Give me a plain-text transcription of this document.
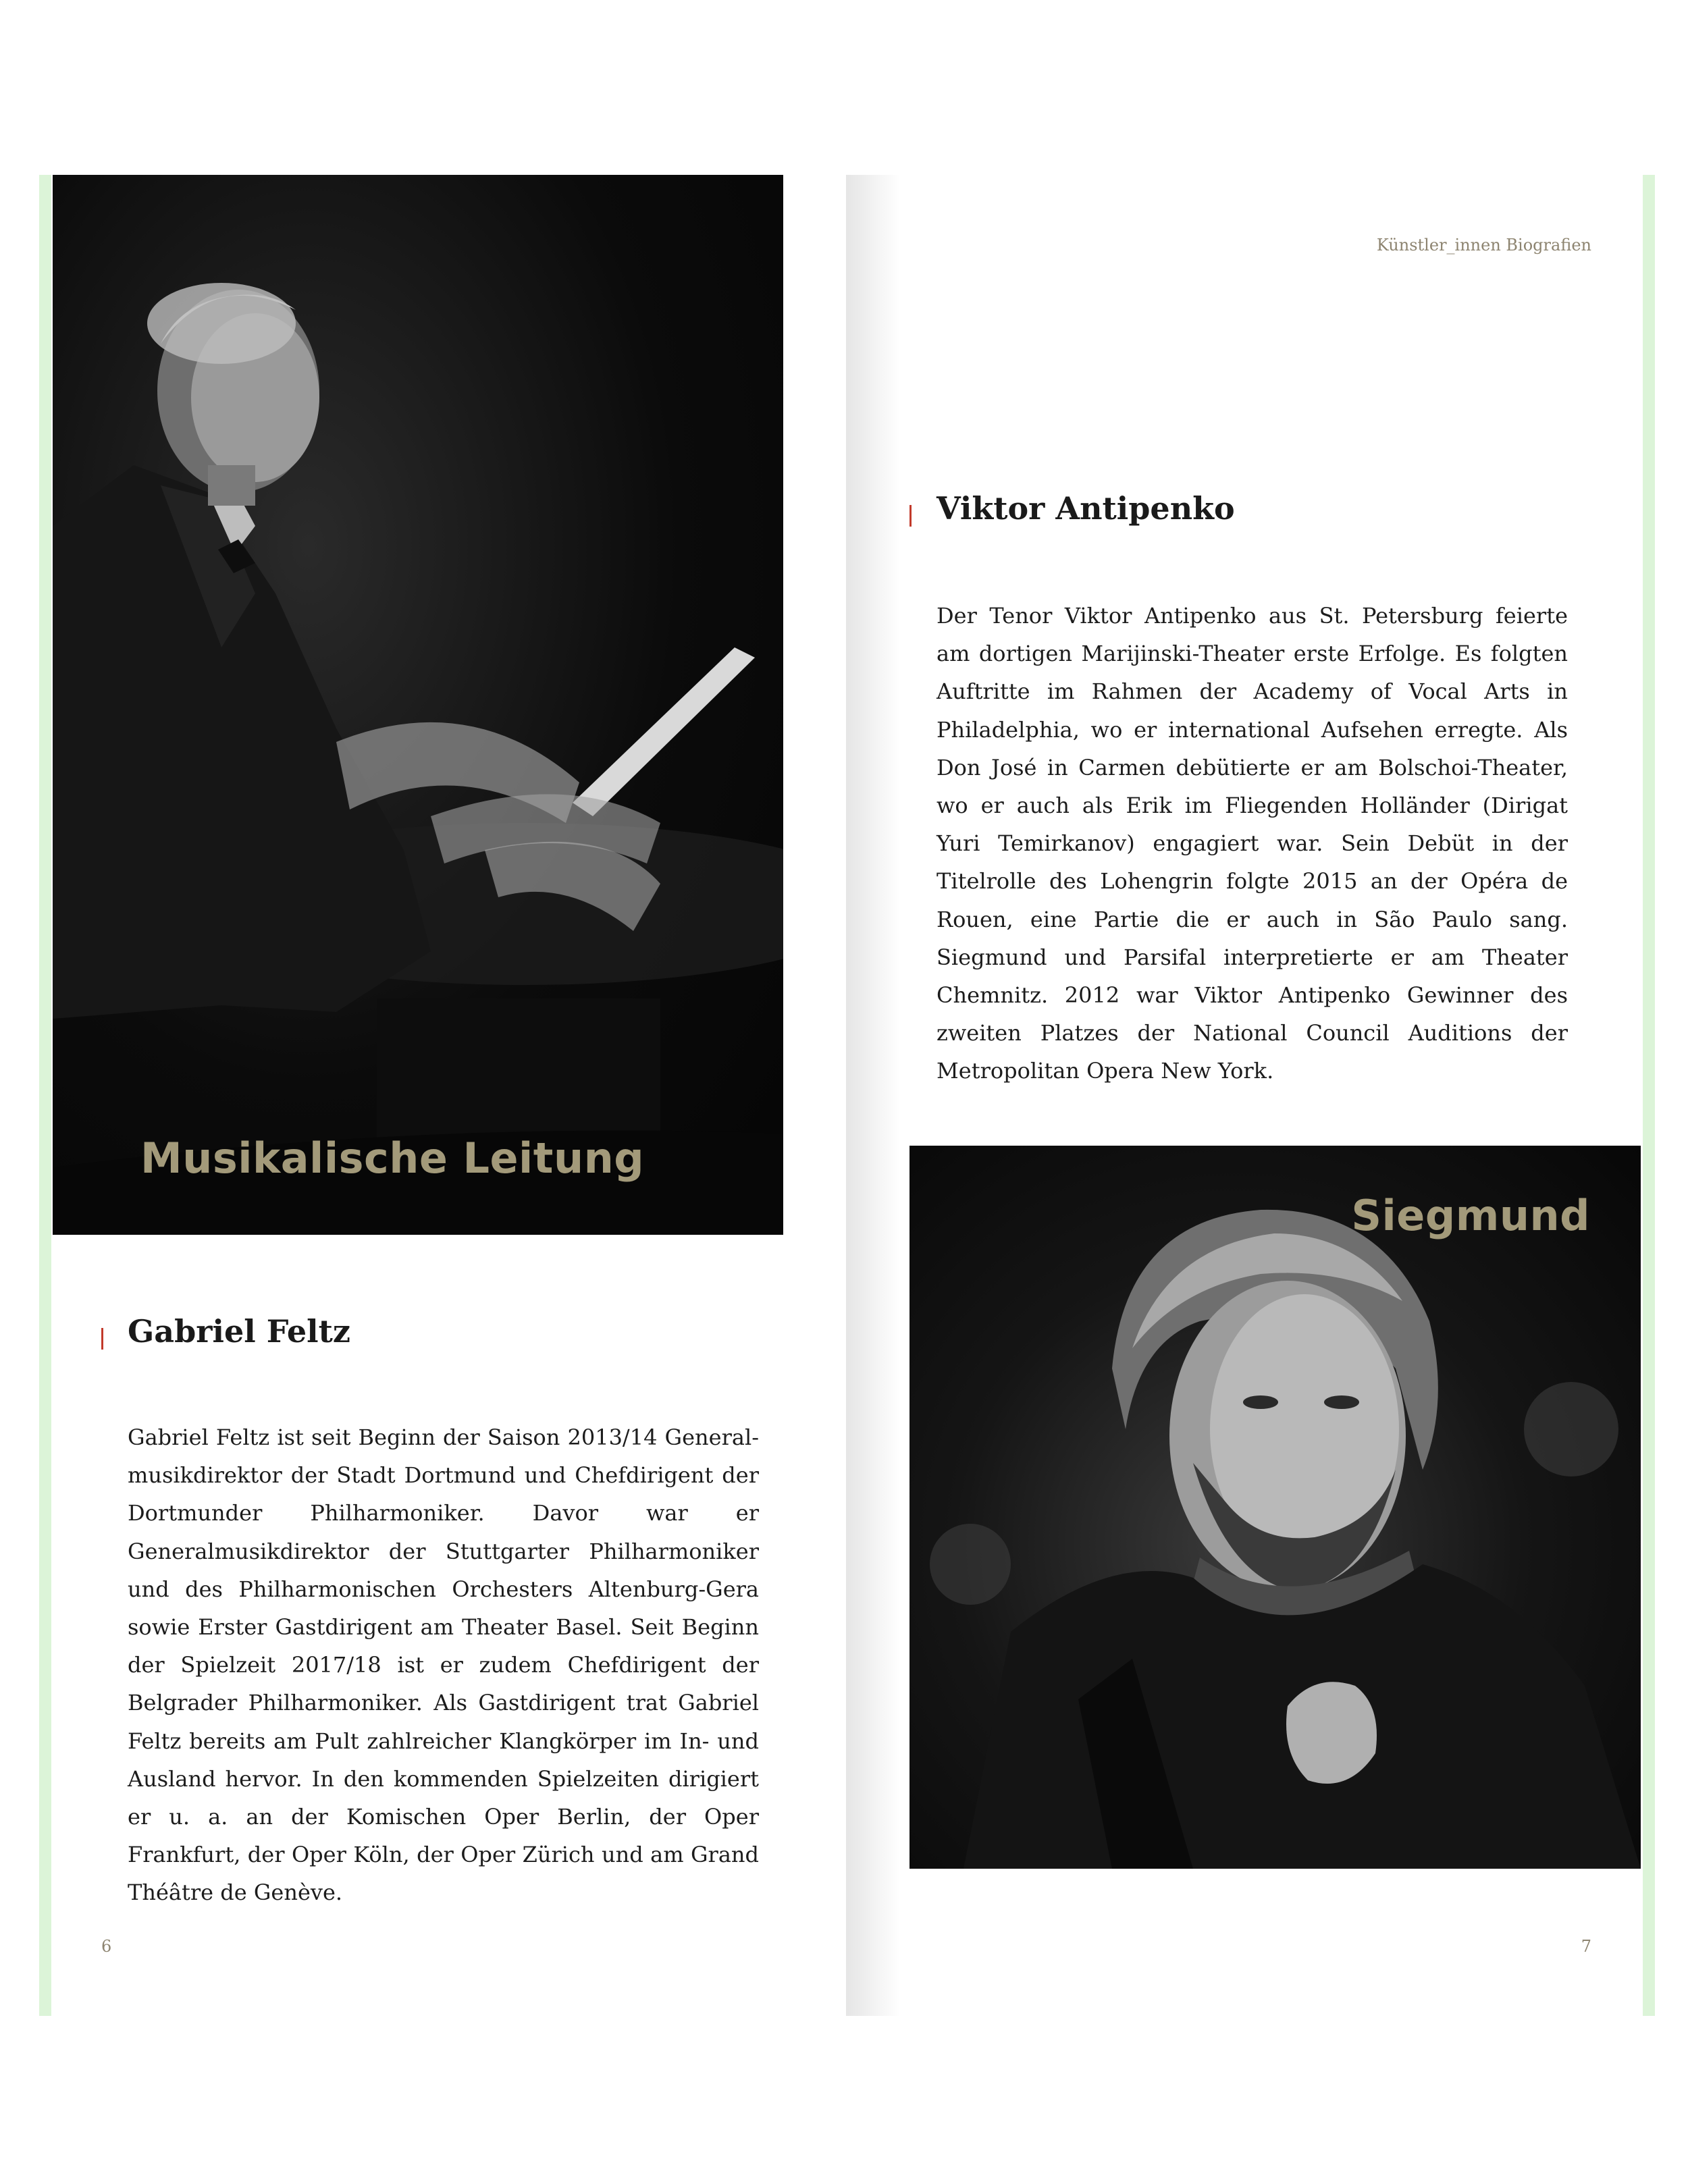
Musikalische Leitung
Gabriel Feltz
Gabriel Feltz ist seit Beginn der Saison 2013/14 Generalmusikdirektor der Stadt Dortmund und Chefdirigent der Dortmunder Philharmoniker. Davor war er Generalmusikdirektor der Stuttgarter Philharmoniker und des Philharmonischen Orchesters Altenburg-Gera sowie Erster Gastdirigent am Theater Basel. Seit Beginn der Spielzeit 2017/18 ist er zudem Chefdirigent der Belgrader Philharmoniker. Als Gastdirigent trat Gabriel Feltz bereits am Pult zahlreicher Klangkörper im In- und Ausland hervor. In den kommenden Spielzeiten dirigiert er u. a. an der Komischen Oper Berlin, der Oper Frankfurt, der Oper Köln, der Oper Zürich und am Grand Théâtre de Genève.
6
Künstler_innen Biografien
Viktor Antipenko
Der Tenor Viktor Antipenko aus St. Petersburg feierte am dortigen Marijinski-Theater erste Erfolge. Es folgten Auftritte im Rahmen der Academy of Vocal Arts in Philadelphia, wo er international Aufsehen erregte. Als Don José in Carmen debütierte er am Bolschoi-Theater, wo er auch als Erik im Fliegenden Holländer (Dirigat Yuri Temirkanov) engagiert war. Sein Debüt in der Titelrolle des Lohengrin folgte 2015 an der Opéra de Rouen, eine Partie die er auch in São Paulo sang. Siegmund und Parsifal interpretierte er am Theater Chemnitz. 2012 war Viktor Antipenko Gewinner des zweiten Platzes der National Council Auditions der Metropolitan Opera New York.
Siegmund
7
